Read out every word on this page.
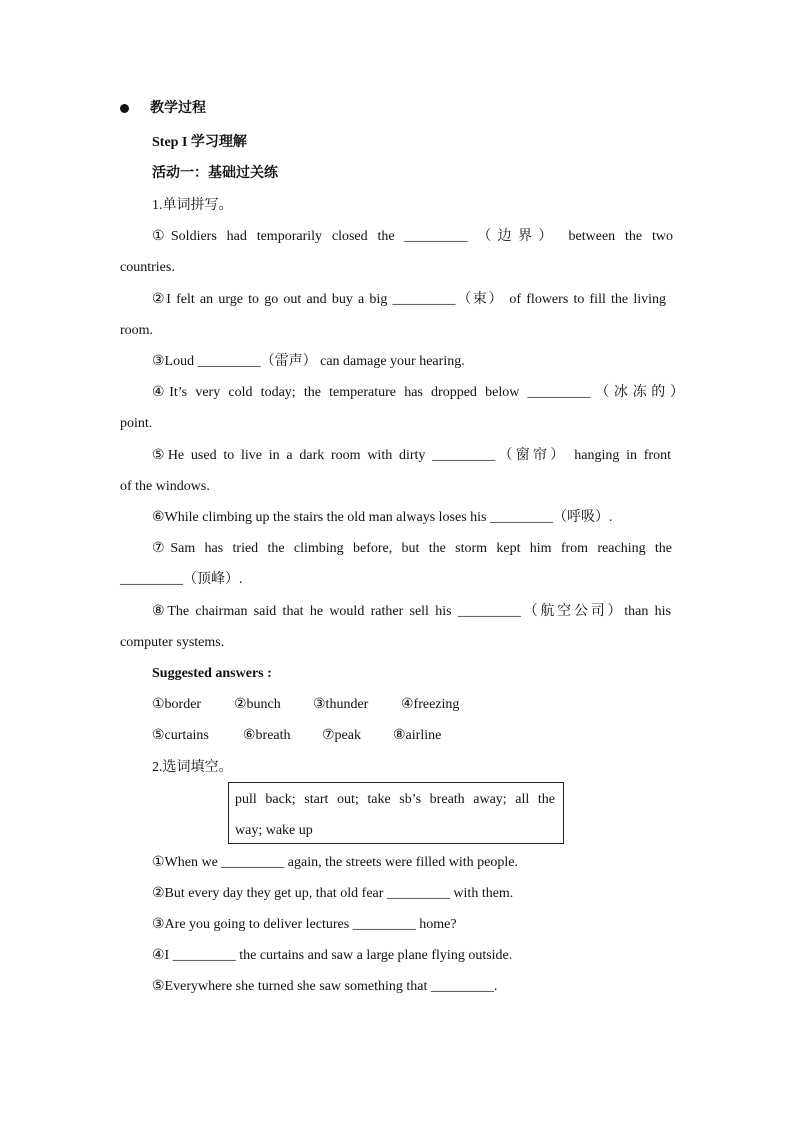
教学过程
Step I 学习理解
活动一：基础过关练
1.单词拼写。
①Soldiers had temporarily closed the _________ （边界） between the two
countries.
②I felt an urge to go out and buy a big _________（束） of flowers to fill the living
room.
③Loud _________（雷声） can damage your hearing.
④It’s very cold today; the temperature has dropped below _________（冰冻的）
point.
⑤He used to live in a dark room with dirty _________（窗帘） hanging in front
of the windows.
⑥While climbing up the stairs the old man always loses his _________（呼吸）.
⑦Sam has tried the climbing before, but the storm kept him from reaching the
_________（顶峰）.
⑧The chairman said that he would rather sell his _________（航空公司）than his
computer systems.
Suggested answers :
①border ②bunch ③thunder ④freezing
⑤curtains ⑥breath ⑦peak ⑧airline
2.选词填空。
pull back; start out; take sb’s breath away; all the
way; wake up
①When we _________ again, the streets were filled with people.
②But every day they get up, that old fear _________ with them.
③Are you going to deliver lectures _________ home?
④I _________ the curtains and saw a large plane flying outside.
⑤Everywhere she turned she saw something that _________.
